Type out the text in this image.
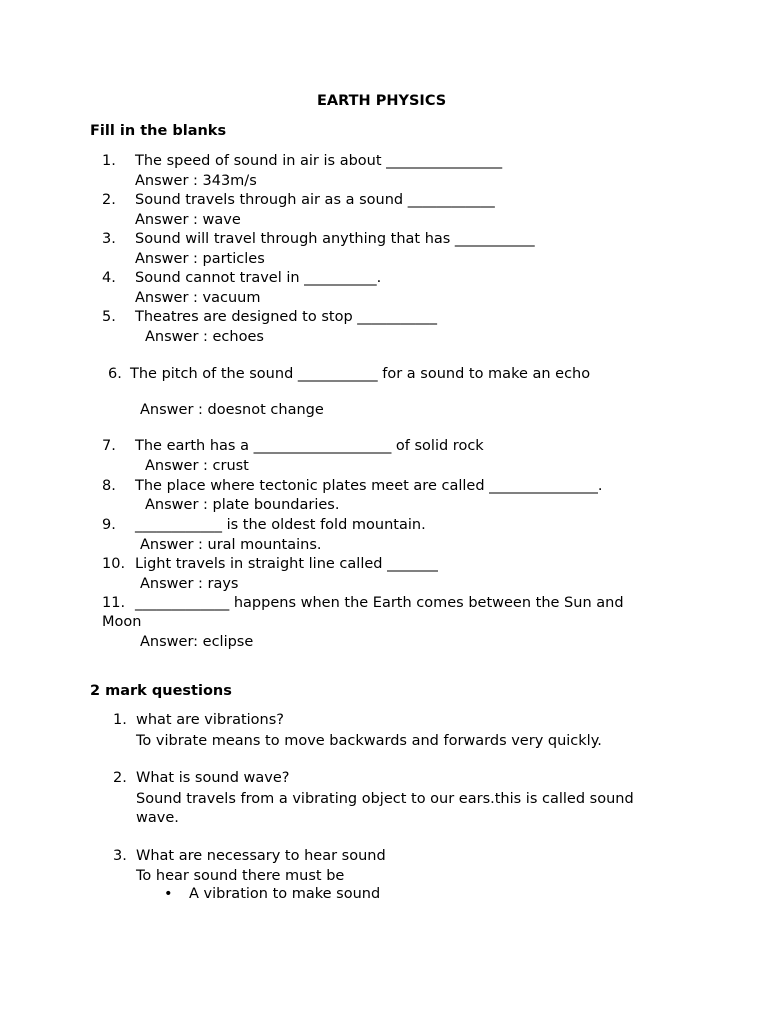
EARTH PHYSICS
Fill in the blanks
1. The speed of sound in air is about ________________
Answer : 343m/s
2. Sound travels through air as a sound ____________
Answer : wave
3. Sound will travel through anything that has ___________
Answer : particles
4. Sound cannot travel in __________.
Answer : vacuum
5. Theatres are designed to stop ___________
Answer : echoes
6. The pitch of the sound ___________ for a sound to make an echo
Answer : doesnot change
7. The earth has a ___________________ of solid rock
Answer : crust
8. The place where tectonic plates meet are called _______________.
Answer : plate boundaries.
9. ____________ is the oldest fold mountain.
Answer : ural mountains.
10. Light travels in straight line called _______
Answer : rays
11. _____________ happens when the Earth comes between the Sun and
Moon
Answer: eclipse
2 mark questions
1. what are vibrations?
To vibrate means to move backwards and forwards very quickly.
2. What is sound wave?
Sound travels from a vibrating object to our ears.this is called sound
wave.
3. What are necessary to hear sound
To hear sound there must be
• A vibration to make sound
